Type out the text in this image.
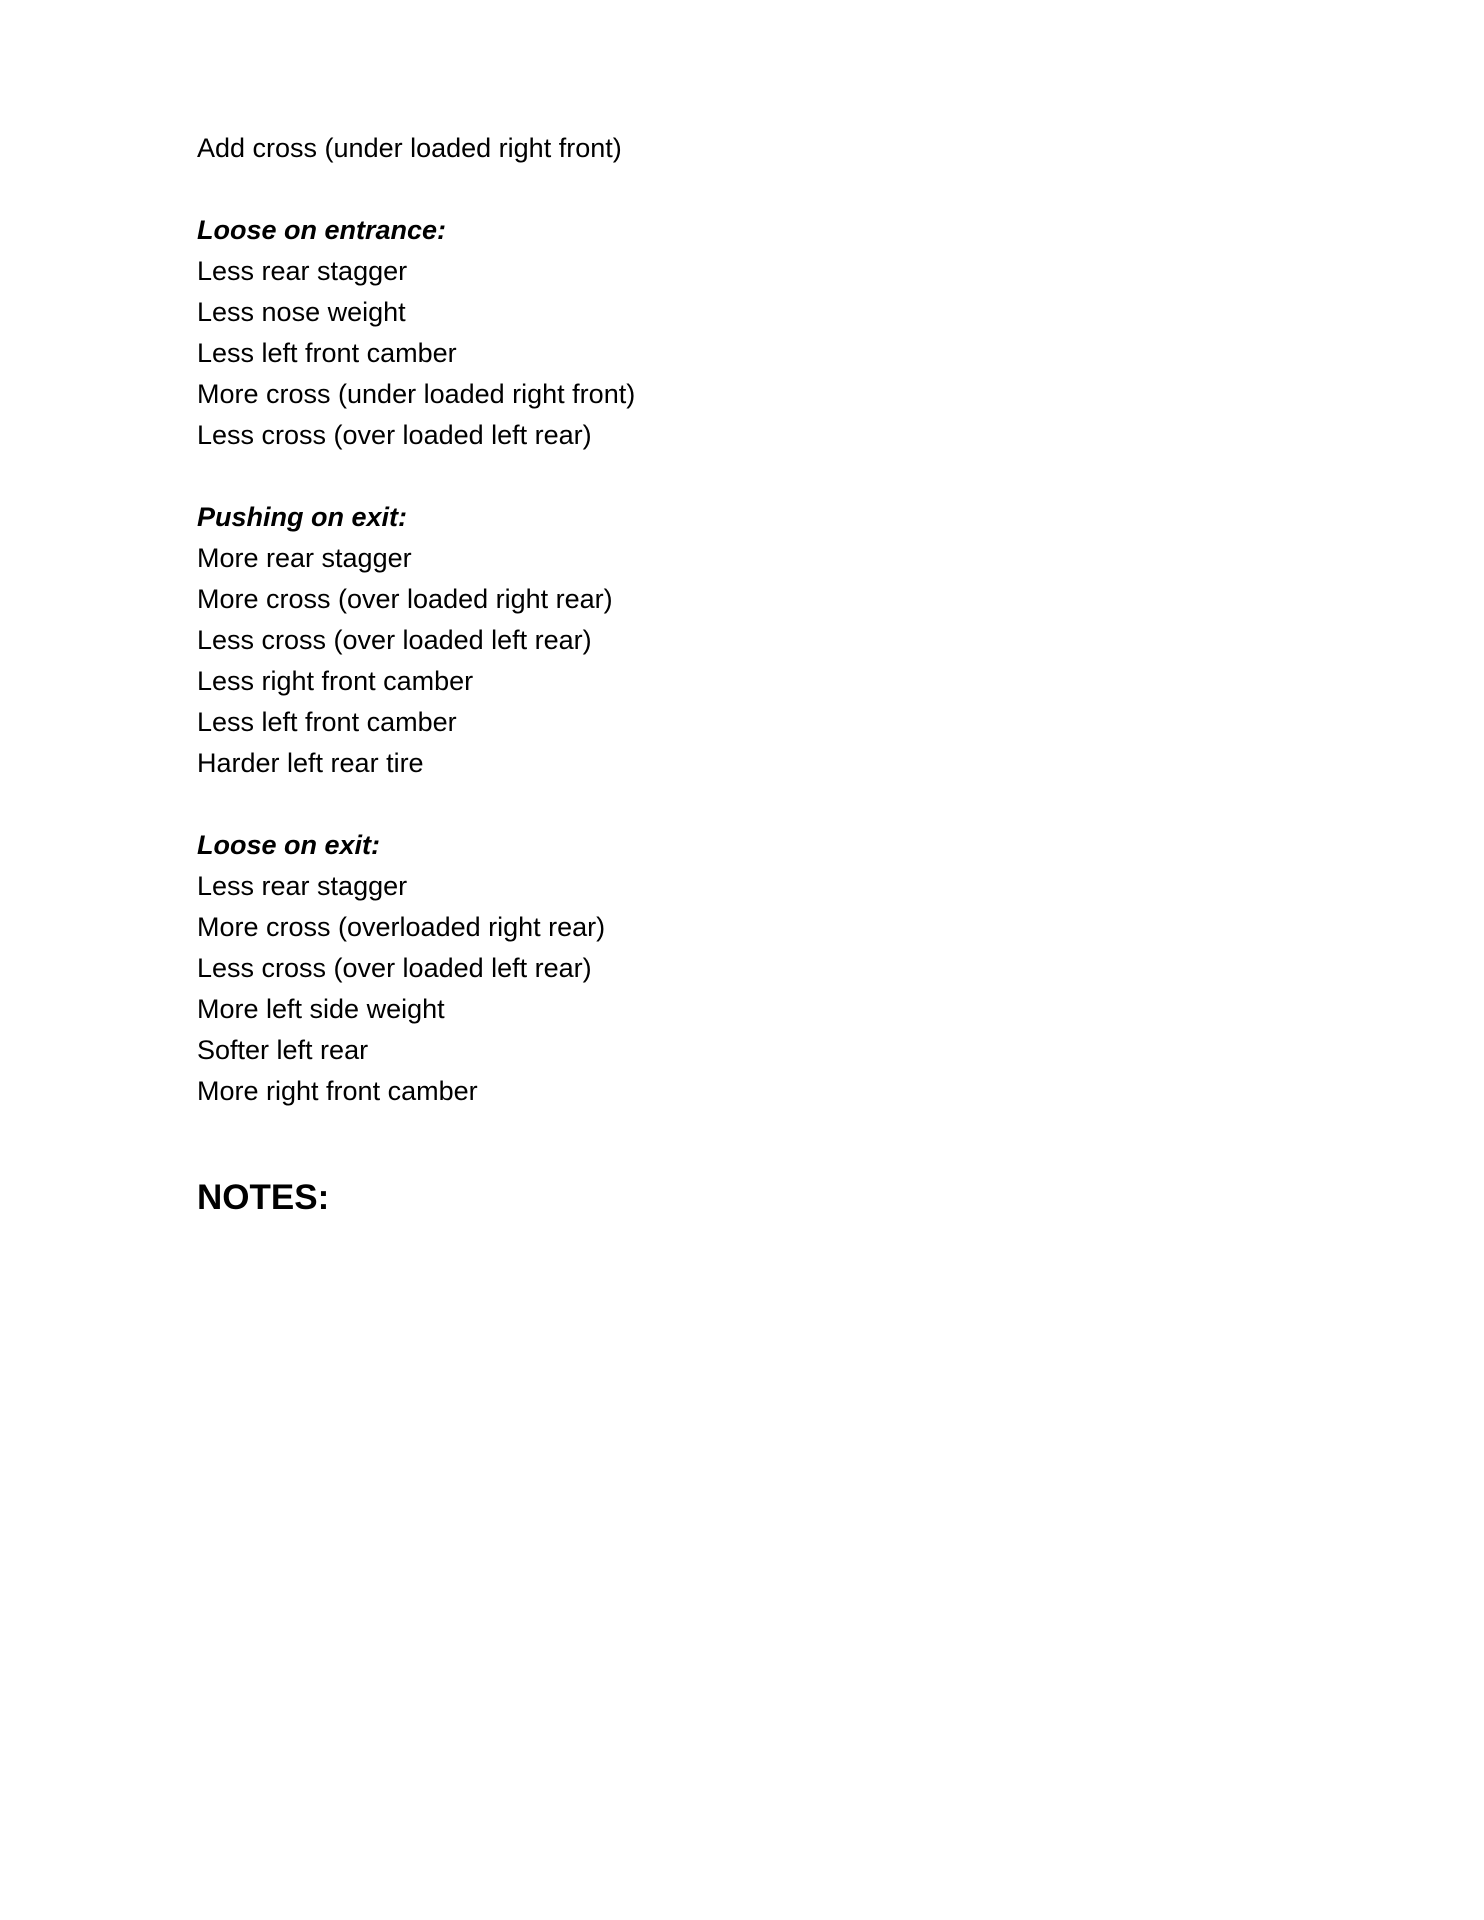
Add cross (under loaded right front)
Loose on entrance:
Less rear stagger
Less nose weight
Less left front camber
More cross (under loaded right front)
Less cross (over loaded left rear)
Pushing on exit:
More rear stagger
More cross (over loaded right rear)
Less cross (over loaded left rear)
Less right front camber
Less left front camber
Harder left rear tire
Loose on exit:
Less rear stagger
More cross (overloaded right rear)
Less cross (over loaded left rear)
More left side weight
Softer left rear
More right front camber
NOTES:
